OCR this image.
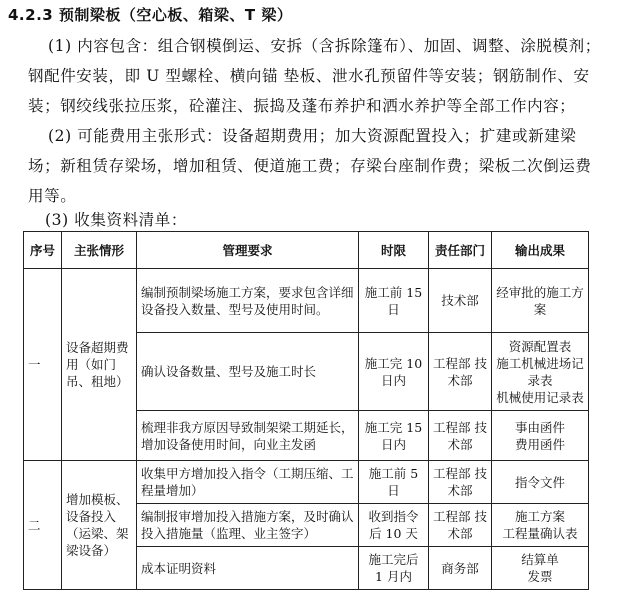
4.2.3 预制梁板（空心板、箱梁、T 梁）

(1) 内容包含：组合钢模倒运、安拆（含拆除篷布）、加固、调整、涂脱模剂；钢配件安装，即 U 型螺栓、横向锚 垫板、泄水孔预留件等安装；钢筋制作、安装；钢绞线张拉压浆，砼灌注、振捣及蓬布养护和洒水养护等全部工作内容；

(2) 可能费用主张形式：设备超期费用；加大资源配置投入；扩建或新建梁场；新租赁存梁场，增加租赁、便道施工费；存梁台座制作费；梁板二次倒运费用等。

(3) 收集资料清单：
序号	主张情形	管理要求	时限	责任部门	输出成果
一	设备超期费用（如门吊、租地）	编制预制梁场施工方案，要求包含详细设备投入数量、型号及使用时间。	施工前 15 日	技术部	经审批的施工方案

		确认设备数量、型号及施工时长	施工完 10 日内	工程部 技术部	资源配置表
施工机械进场记录表
机械使用记录表

		梳理非我方原因导致制架梁工期延长，增加设备使用时间，向业主发函	施工完 15 日内	工程部 技术部	事由函件
费用函件

二	增加模板、设备投入（运梁、架梁设备）	收集甲方增加投入指令（工期压缩、工程量增加）	施工前 5 日	工程部 技术部	指令文件

		编制报审增加投入措施方案，及时确认投入措施量（监理、业主签字）	收到指令后 10 天	工程部 技术部	施工方案
工程量确认表

		成本证明资料	施工完后 1 月内	商务部	结算单
发票
